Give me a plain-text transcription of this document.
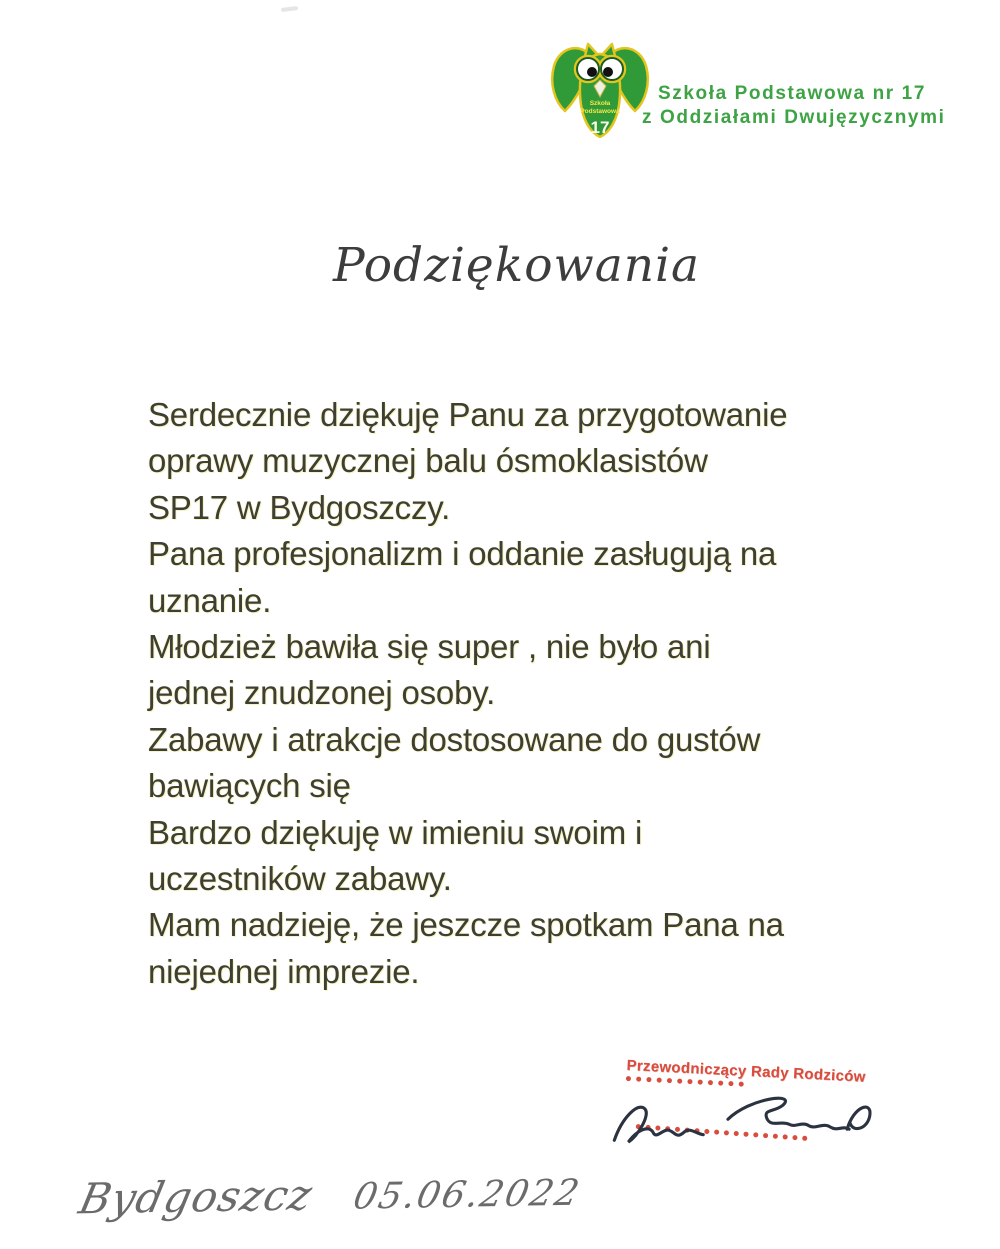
Szkoła
Podstawowa
17
Szkoła Podstawowa nr 17
z Oddziałami Dwujęzycznymi
Podziękowania
Serdecznie dziękuję Panu za przygotowanie
oprawy muzycznej balu ósmoklasistów
SP17 w Bydgoszczy.
Pana profesjonalizm i oddanie zasługują na
uznanie.
Młodzież bawiła się super , nie było ani
jednej znudzonej osoby.
Zabawy i atrakcje dostosowane do gustów
bawiących się
Bardzo dziękuję w imieniu swoim i
uczestników zabawy.
Mam nadzieję, że jeszcze spotkam Pana na
niejednej imprezie.
Przewodniczący Rady Rodziców
Bydgoszcz 05.06.2022
